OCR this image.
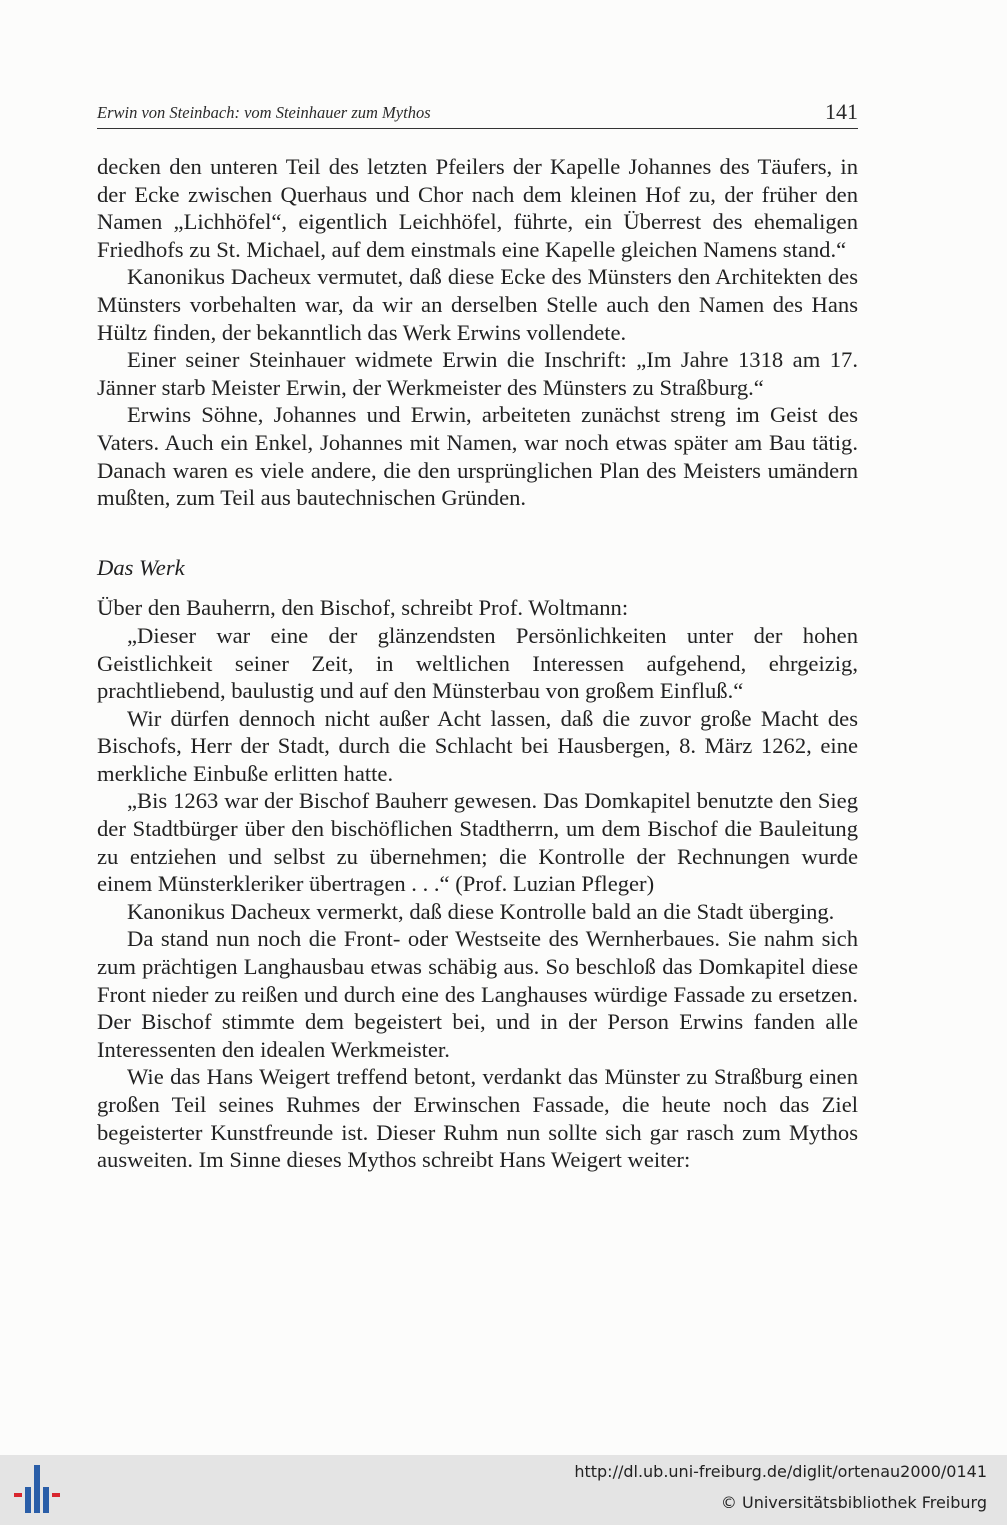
Erwin von Steinbach: vom Steinhauer zum Mythos	141

decken den unteren Teil des letzten Pfeilers der Kapelle Johannes des Täufers, in der Ecke zwischen Querhaus und Chor nach dem kleinen Hof zu, der früher den Namen „Lichhöfel“, eigentlich Leichhöfel, führte, ein Überrest des ehemaligen Friedhofs zu St. Michael, auf dem einstmals eine Kapelle gleichen Namens stand.“

Kanonikus Dacheux vermutet, daß diese Ecke des Münsters den Architekten des Münsters vorbehalten war, da wir an derselben Stelle auch den Namen des Hans Hültz finden, der bekanntlich das Werk Erwins vollendete.

Einer seiner Steinhauer widmete Erwin die Inschrift: „Im Jahre 1318 am 17. Jänner starb Meister Erwin, der Werkmeister des Münsters zu Straßburg.“

Erwins Söhne, Johannes und Erwin, arbeiteten zunächst streng im Geist des Vaters. Auch ein Enkel, Johannes mit Namen, war noch etwas später am Bau tätig. Danach waren es viele andere, die den ursprünglichen Plan des Meisters umändern mußten, zum Teil aus bautechnischen Gründen.

Das Werk

Über den Bauherrn, den Bischof, schreibt Prof. Woltmann:

„Dieser war eine der glänzendsten Persönlichkeiten unter der hohen Geistlichkeit seiner Zeit, in weltlichen Interessen aufgehend, ehrgeizig, prachtliebend, baulustig und auf den Münsterbau von großem Einfluß.“

Wir dürfen dennoch nicht außer Acht lassen, daß die zuvor große Macht des Bischofs, Herr der Stadt, durch die Schlacht bei Hausbergen, 8. März 1262, eine merkliche Einbuße erlitten hatte.

„Bis 1263 war der Bischof Bauherr gewesen. Das Domkapitel benutzte den Sieg der Stadtbürger über den bischöflichen Stadtherrn, um dem Bischof die Bauleitung zu entziehen und selbst zu übernehmen; die Kontrolle der Rechnungen wurde einem Münsterkleriker übertragen . . .“ (Prof. Luzian Pfleger)

Kanonikus Dacheux vermerkt, daß diese Kontrolle bald an die Stadt überging.

Da stand nun noch die Front- oder Westseite des Wernherbaues. Sie nahm sich zum prächtigen Langhausbau etwas schäbig aus. So beschloß das Domkapitel diese Front nieder zu reißen und durch eine des Langhauses würdige Fassade zu ersetzen. Der Bischof stimmte dem begeistert bei, und in der Person Erwins fanden alle Interessenten den idealen Werkmeister.

Wie das Hans Weigert treffend betont, verdankt das Münster zu Straßburg einen großen Teil seines Ruhmes der Erwinschen Fassade, die heute noch das Ziel begeisterter Kunstfreunde ist. Dieser Ruhm nun sollte sich gar rasch zum Mythos ausweiten. Im Sinne dieses Mythos schreibt Hans Weigert weiter:

http://dl.ub.uni-freiburg.de/diglit/ortenau2000/0141
© Universitätsbibliothek Freiburg
